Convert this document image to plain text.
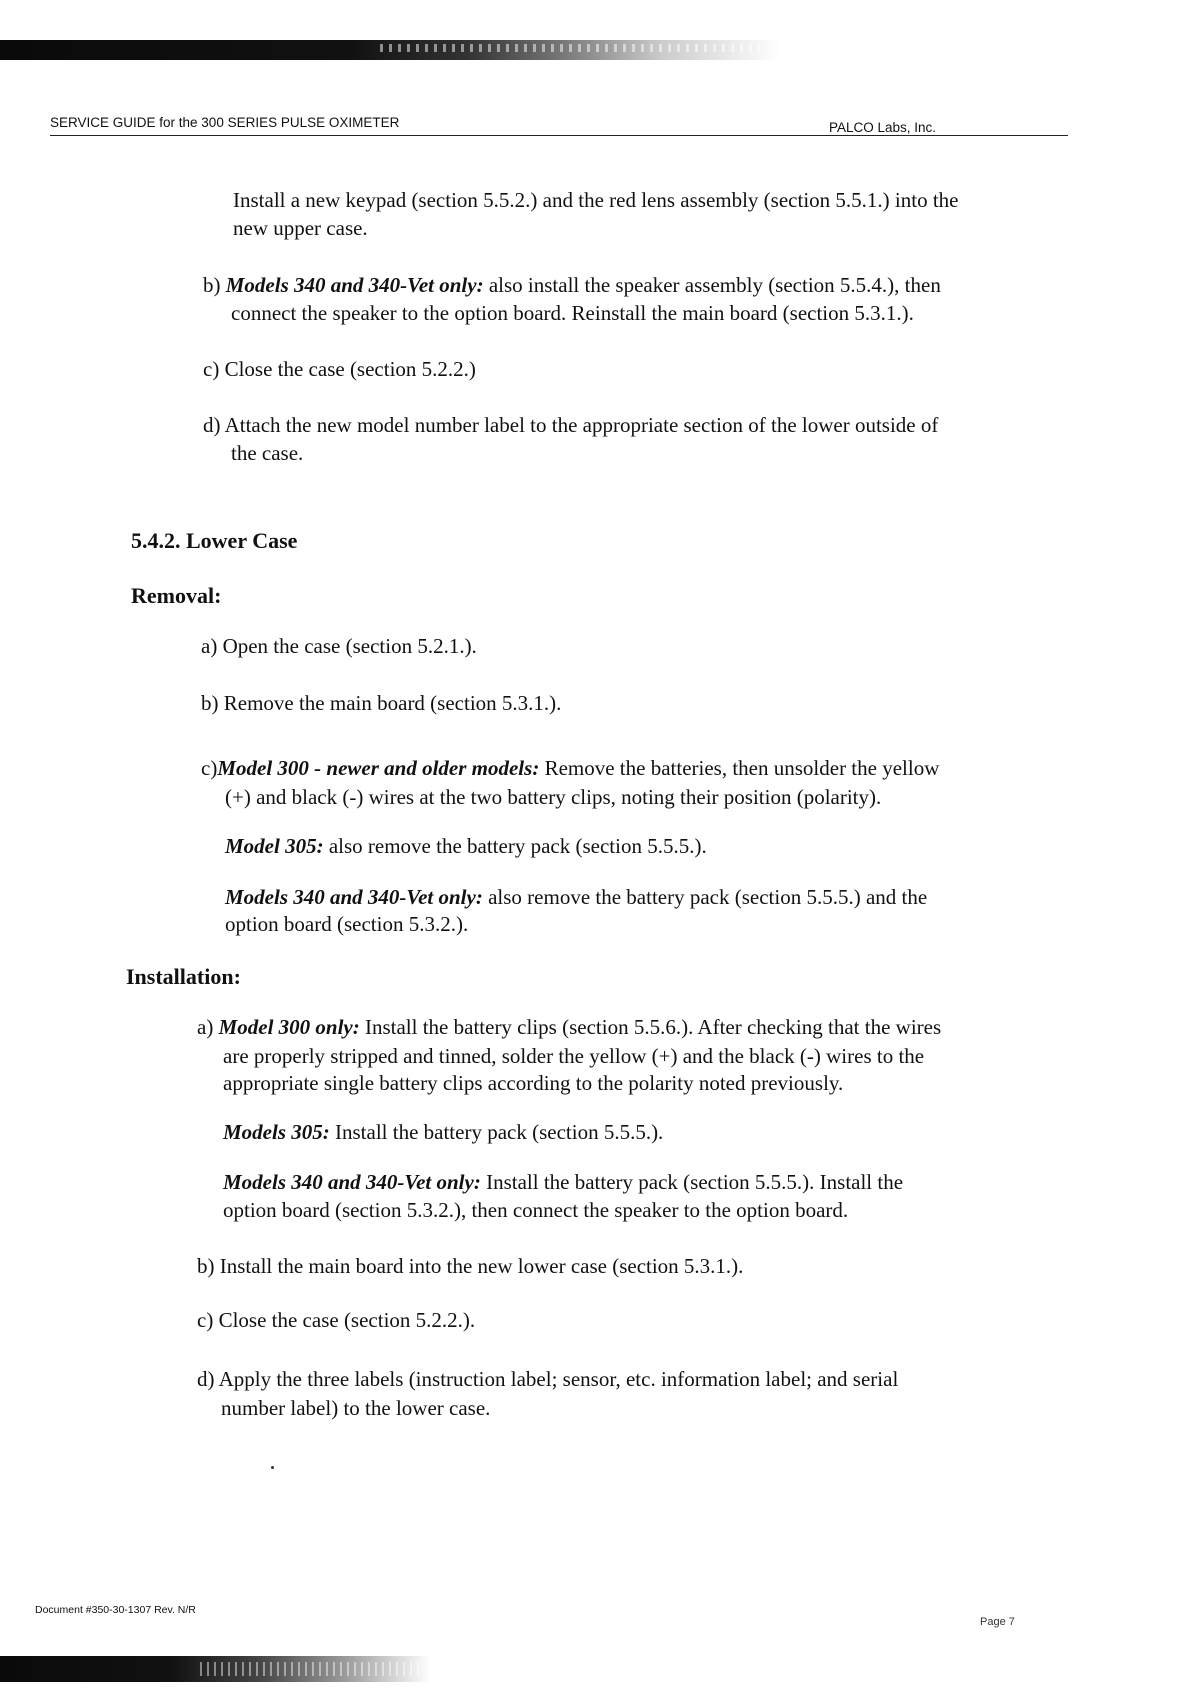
SERVICE GUIDE for the 300 SERIES PULSE OXIMETER	PALCO Labs, Inc.
Install a new keypad (section 5.5.2.) and the red lens assembly (section 5.5.1.) into the
new upper case.
b) Models 340 and 340-Vet only: also install the speaker assembly (section 5.5.4.), then
connect the speaker to the option board. Reinstall the main board (section 5.3.1.).
c) Close the case (section 5.2.2.)
d) Attach the new model number label to the appropriate section of the lower outside of
the case.
5.4.2. Lower Case
Removal:
a) Open the case (section 5.2.1.).
b) Remove the main board (section 5.3.1.).
c)Model 300 - newer and older models: Remove the batteries, then unsolder the yellow
(+) and black (-) wires at the two battery clips, noting their position (polarity).
Model 305: also remove the battery pack (section 5.5.5.).
Models 340 and 340-Vet only: also remove the battery pack (section 5.5.5.) and the
option board (section 5.3.2.).
Installation:
a) Model 300 only: Install the battery clips (section 5.5.6.). After checking that the wires
are properly stripped and tinned, solder the yellow (+) and the black (-) wires to the
appropriate single battery clips according to the polarity noted previously.
Models 305: Install the battery pack (section 5.5.5.).
Models 340 and 340-Vet only: Install the battery pack (section 5.5.5.). Install the
option board (section 5.3.2.), then connect the speaker to the option board.
b) Install the main board into the new lower case (section 5.3.1.).
c) Close the case (section 5.2.2.).
d) Apply the three labels (instruction label; sensor, etc. information label; and serial
number label) to the lower case.
Document #350-30-1307 Rev. N/R
Page 7
